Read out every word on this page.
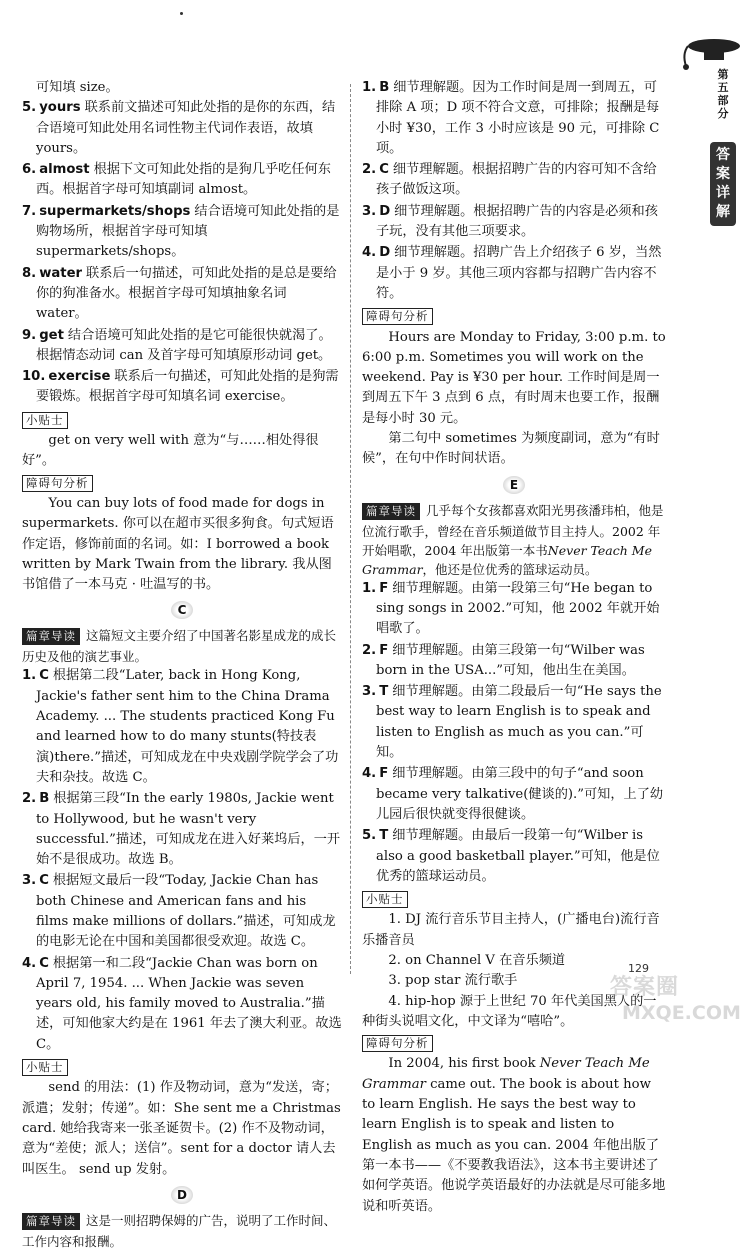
第五部分
答案详解

可知填 size。

5. yours 联系前文描述可知此处指的是你的东西，结合语境可知此处用名词性物主代词作表语，故填 yours。

6. almost 根据下文可知此处指的是狗几乎吃任何东西。根据首字母可知填副词 almost。

7. supermarkets/shops 结合语境可知此处指的是购物场所，根据首字母可知填 supermarkets/shops。

8. water 联系后一句描述，可知此处指的是总是要给你的狗准备水。根据首字母可知填抽象名词 water。

9. get 结合语境可知此处指的是它可能很快就渴了。根据情态动词 can 及首字母可知填原形动词 get。

10. exercise 联系后一句描述，可知此处指的是狗需要锻炼。根据首字母可知填名词 exercise。

小贴士

get on very well with 意为“与……相处得很好”。

障碍句分析

You can buy lots of food made for dogs in supermarkets. 你可以在超市买很多狗食。句式短语作定语，修饰前面的名词。如：I borrowed a book written by Mark Twain from the library. 我从图书馆借了一本马克 · 吐温写的书。

C

篇章导读 这篇短文主要介绍了中国著名影星成龙的成长历史及他的演艺事业。

1. C 根据第二段“Later, back in Hong Kong, Jackie's father sent him to the China Drama Academy. ... The students practiced Kong Fu and learned how to do many stunts(特技表演)there.”描述，可知成龙在中央戏剧学院学会了功夫和杂技。故选 C。

2. B 根据第三段“In the early 1980s, Jackie went to Hollywood, but he wasn't very successful.”描述，可知成龙在进入好莱坞后，一开始不是很成功。故选 B。

3. C 根据短文最后一段“Today, Jackie Chan has both Chinese and American fans and his films make millions of dollars.”描述，可知成龙的电影无论在中国和美国都很受欢迎。故选 C。

4. C 根据第一和二段“Jackie Chan was born on April 7, 1954. ... When Jackie was seven years old, his family moved to Australia.”描述，可知他家大约是在 1961 年去了澳大利亚。故选 C。

小贴士

send 的用法：(1) 作及物动词，意为“发送，寄；派遣；发射；传递”。如：She sent me a Christmas card. 她给我寄来一张圣诞贺卡。(2) 作不及物动词，意为“差使；派人；送信”。sent for a doctor 请人去叫医生。 send up 发射。

D

篇章导读 这是一则招聘保姆的广告，说明了工作时间、工作内容和报酬。

1. B 细节理解题。因为工作时间是周一到周五，可排除 A 项；D 项不符合文意，可排除；报酬是每小时 ¥30，工作 3 小时应该是 90 元，可排除 C 项。

2. C 细节理解题。根据招聘广告的内容可知不含给孩子做饭这项。

3. D 细节理解题。根据招聘广告的内容是必须和孩子玩，没有其他三项要求。

4. D 细节理解题。招聘广告上介绍孩子 6 岁，当然是小于 9 岁。其他三项内容都与招聘广告内容不符。

障碍句分析

Hours are Monday to Friday, 3:00 p.m. to 6:00 p.m. Sometimes you will work on the weekend. Pay is ¥30 per hour. 工作时间是周一到周五下午 3 点到 6 点，有时周末也要工作，报酬是每小时 30 元。

第二句中 sometimes 为频度副词，意为“有时候”，在句中作时间状语。

E

篇章导读 几乎每个女孩都喜欢阳光男孩潘玮柏，他是位流行歌手，曾经在音乐频道做节目主持人。2002 年开始唱歌，2004 年出版第一本书Never Teach Me Grammar，他还是位优秀的篮球运动员。

1. F 细节理解题。由第一段第三句“He began to sing songs in 2002.”可知，他 2002 年就开始唱歌了。

2. F 细节理解题。由第三段第一句“Wilber was born in the USA...”可知，他出生在美国。

3. T 细节理解题。由第二段最后一句“He says the best way to learn English is to speak and listen to English as much as you can.”可知。

4. F 细节理解题。由第三段中的句子“and soon became very talkative(健谈的).”可知，上了幼儿园后很快就变得很健谈。

5. T 细节理解题。由最后一段第一句“Wilber is also a good basketball player.”可知，他是位优秀的篮球运动员。

小贴士

1. DJ 流行音乐节目主持人，(广播电台)流行音乐播音员

2. on Channel V 在音乐频道

3. pop star 流行歌手

4. hip-hop 源于上世纪 70 年代美国黑人的一种街头说唱文化，中文译为“嘻哈”。

障碍句分析

In 2004, his first book Never Teach Me Grammar came out. The book is about how to learn English. He says the best way to learn English is to speak and listen to English as much as you can. 2004 年他出版了第一本书——《不要教我语法》，这本书主要讲述了如何学英语。他说学英语最好的办法就是尽可能多地说和听英语。

129
答案圈
MXQE.COM
